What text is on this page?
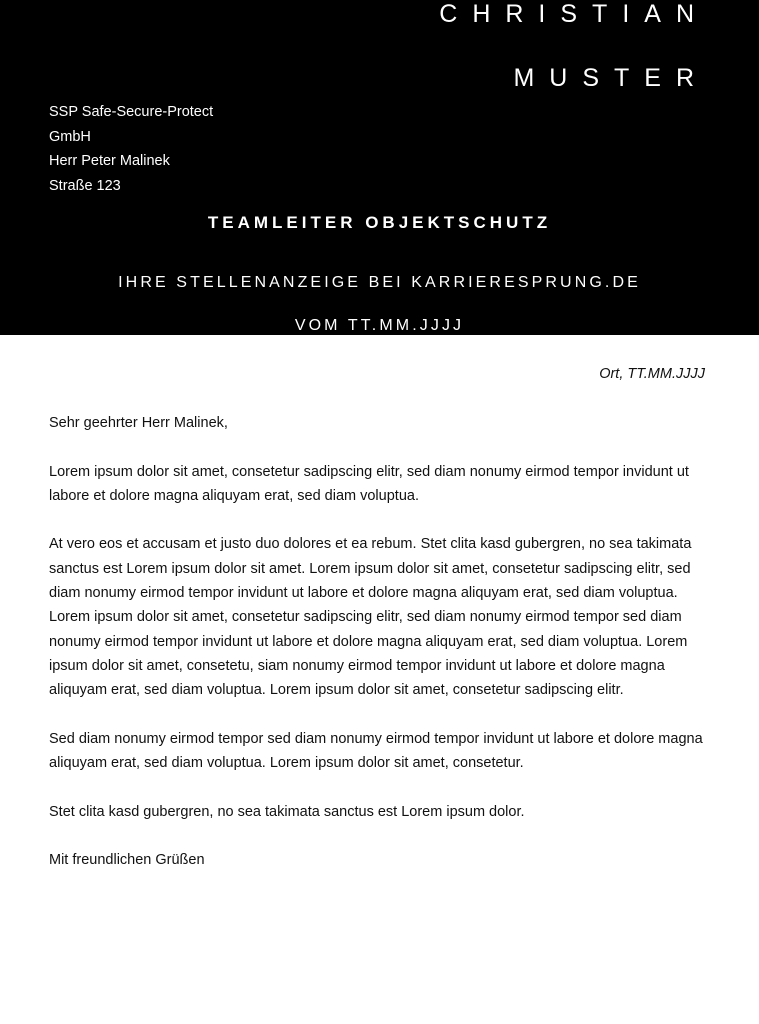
CHRISTIAN
MUSTER
SSP Safe-Secure-Protect
GmbH
Herr Peter Malinek
Straße 123
TEAMLEITER OBJEKTSCHUTZ
IHRE STELLENANZEIGE BEI KARRIERESPRUNG.DE
VOM TT.MM.JJJJ
Ort, TT.MM.JJJJ

Sehr geehrter Herr Malinek,

Lorem ipsum dolor sit amet, consetetur sadipscing elitr, sed diam nonumy eirmod tempor invidunt ut labore et dolore magna aliquyam erat, sed diam voluptua.

At vero eos et accusam et justo duo dolores et ea rebum. Stet clita kasd gubergren, no sea takimata sanctus est Lorem ipsum dolor sit amet. Lorem ipsum dolor sit amet, consetetur sadipscing elitr, sed diam nonumy eirmod tempor invidunt ut labore et dolore magna aliquyam erat, sed diam voluptua. Lorem ipsum dolor sit amet, consetetur sadipscing elitr, sed diam nonumy eirmod tempor sed diam nonumy eirmod tempor invidunt ut labore et dolore magna aliquyam erat, sed diam voluptua. Lorem ipsum dolor sit amet, consetetu, siam nonumy eirmod tempor invidunt ut labore et dolore magna aliquyam erat, sed diam voluptua. Lorem ipsum dolor sit amet, consetetur sadipscing elitr.

Sed diam nonumy eirmod tempor sed diam nonumy eirmod tempor invidunt ut labore et dolore magna aliquyam erat, sed diam voluptua. Lorem ipsum dolor sit amet, consetetur.

Stet clita kasd gubergren, no sea takimata sanctus est Lorem ipsum dolor.

Mit freundlichen Grüßen
